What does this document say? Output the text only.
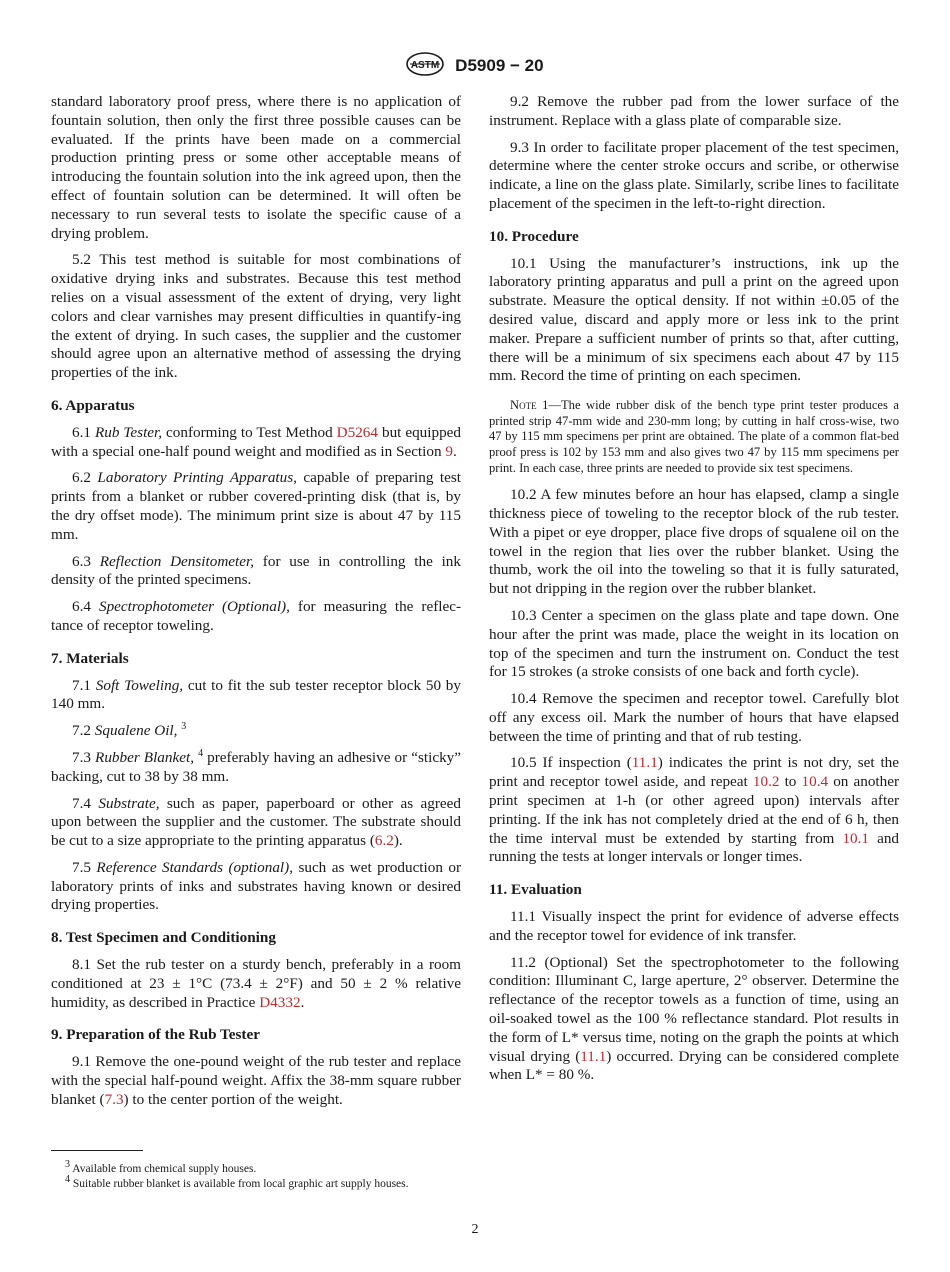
ASTM D5909 − 20

standard laboratory proof press, where there is no application of fountain solution, then only the first three possible causes can be evaluated. If the prints have been made on a commercial production printing press or some other acceptable means of introducing the fountain solution into the ink agreed upon, then the effect of fountain solution can be determined. It will often be necessary to run several tests to isolate the specific cause of a drying problem.

5.2 This test method is suitable for most combinations of oxidative drying inks and substrates. Because this test method relies on a visual assessment of the extent of drying, very light colors and clear varnishes may present difficulties in quantify-ing the extent of drying. In such cases, the supplier and the customer should agree upon an alternative method of assessing the drying properties of the ink.

6. Apparatus

6.1 Rub Tester, conforming to Test Method D5264 but equipped with a special one-half pound weight and modified as in Section 9.

6.2 Laboratory Printing Apparatus, capable of preparing test prints from a blanket or rubber covered-printing disk (that is, by the dry offset mode). The minimum print size is about 47 by 115 mm.

6.3 Reflection Densitometer, for use in controlling the ink density of the printed specimens.

6.4 Spectrophotometer (Optional), for measuring the reflec-tance of receptor toweling.

7. Materials

7.1 Soft Toweling, cut to fit the sub tester receptor block 50 by 140 mm.

7.2 Squalene Oil, $^3$

7.3 Rubber Blanket, $^4$ preferably having an adhesive or “sticky” backing, cut to 38 by 38 mm.

7.4 Substrate, such as paper, paperboard or other as agreed upon between the supplier and the customer. The substrate should be cut to a size appropriate to the printing apparatus (6.2).

7.5 Reference Standards (optional), such as wet production or laboratory prints of inks and substrates having known or desired drying properties.

8. Test Specimen and Conditioning

8.1 Set the rub tester on a sturdy bench, preferably in a room conditioned at 23 ± 1°C (73.4 ± 2°F) and 50 ± 2 % relative humidity, as described in Practice D4332.

9. Preparation of the Rub Tester

9.1 Remove the one-pound weight of the rub tester and replace with the special half-pound weight. Affix the 38-mm square rubber blanket (7.3) to the center portion of the weight.

$^3$ Available from chemical supply houses.
$^4$ Suitable rubber blanket is available from local graphic art supply houses.

9.2 Remove the rubber pad from the lower surface of the instrument. Replace with a glass plate of comparable size.

9.3 In order to facilitate proper placement of the test specimen, determine where the center stroke occurs and scribe, or otherwise indicate, a line on the glass plate. Similarly, scribe lines to facilitate placement of the specimen in the left-to-right direction.

10. Procedure

10.1 Using the manufacturer’s instructions, ink up the laboratory printing apparatus and pull a print on the agreed upon substrate. Measure the optical density. If not within ±0.05 of the desired value, discard and apply more or less ink to the print maker. Prepare a sufficient number of prints so that, after cutting, there will be a minimum of six specimens each about 47 by 115 mm. Record the time of printing on each specimen.

Note 1—The wide rubber disk of the bench type print tester produces a printed strip 47-mm wide and 230-mm long; by cutting in half cross-wise, two 47 by 115 mm specimens per print are obtained. The plate of a common flat-bed proof press is 102 by 153 mm and also gives two 47 by 115 mm specimens per print. In each case, three prints are needed to provide six test specimens.

10.2 A few minutes before an hour has elapsed, clamp a single thickness piece of toweling to the receptor block of the rub tester. With a pipet or eye dropper, place five drops of squalene oil on the towel in the region that lies over the rubber blanket. Using the thumb, work the oil into the toweling so that it is fully saturated, but not dripping in the region over the rubber blanket.

10.3 Center a specimen on the glass plate and tape down. One hour after the print was made, place the weight in its location on top of the specimen and turn the instrument on. Conduct the test for 15 strokes (a stroke consists of one back and forth cycle).

10.4 Remove the specimen and receptor towel. Carefully blot off any excess oil. Mark the number of hours that have elapsed between the time of printing and that of rub testing.

10.5 If inspection (11.1) indicates the print is not dry, set the print and receptor towel aside, and repeat 10.2 to 10.4 on another print specimen at 1-h (or other agreed upon) intervals after printing. If the ink has not completely dried at the end of 6 h, then the time interval must be extended by starting from 10.1 and running the tests at longer intervals or longer times.

11. Evaluation

11.1 Visually inspect the print for evidence of adverse effects and the receptor towel for evidence of ink transfer.

11.2 (Optional) Set the spectrophotometer to the following condition: Illuminant C, large aperture, 2° observer. Determine the reflectance of the receptor towels as a function of time, using an oil-soaked towel as the 100 % reflectance standard. Plot results in the form of L* versus time, noting on the graph the points at which visual drying (11.1) occurred. Drying can be considered complete when L* = 80 %.

2
